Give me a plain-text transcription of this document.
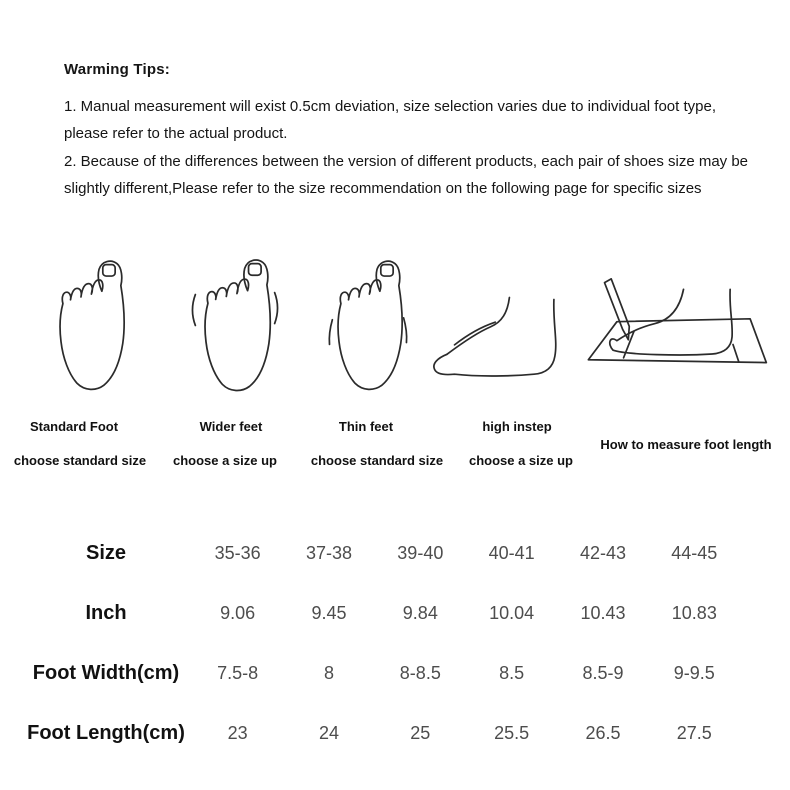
Warming Tips:

1. Manual measurement will exist 0.5cm deviation, size selection varies due to individual foot type, please refer to the actual product.

2. Because of the differences between the version of different products, each pair of shoes size may be slightly different,Please refer to the size recommendation on the following page for specific sizes

Standard Foot	Wider feet	Thin feet	high instep
How to measure foot length
choose standard size	choose a size up	choose standard size	choose a size up
Size	35-36	37-38	39-40	40-41	42-43	44-45
Inch	9.06	9.45	9.84	10.04	10.43	10.83
Foot Width(cm)	7.5-8	8	8-8.5	8.5	8.5-9	9-9.5
Foot Length(cm)	23	24	25	25.5	26.5	27.5
